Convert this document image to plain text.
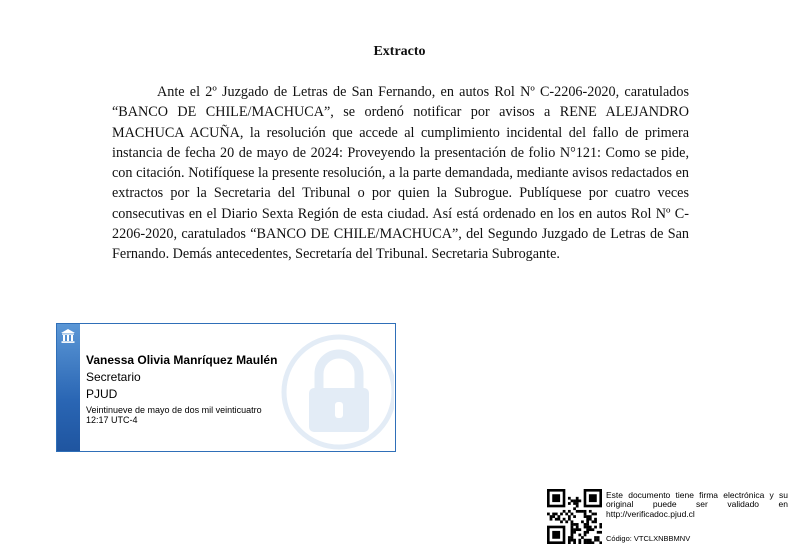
Extracto

Ante el 2º Juzgado de Letras de San Fernando, en autos Rol Nº C-2206-2020, caratulados “BANCO DE CHILE/MACHUCA”, se ordenó notificar por avisos a RENE ALEJANDRO MACHUCA ACUÑA, la resolución que accede al cumplimiento incidental del fallo de primera instancia de fecha 20 de mayo de 2024: Proveyendo la presentación de folio N°121: Como se pide, con citación. Notifíquese la presente resolución, a la parte demandada, mediante avisos redactados en extractos por la Secretaria del Tribunal o por quien la Subrogue. Publíquese por cuatro veces consecutivas en el Diario Sexta Región de esta ciudad. Así está ordenado en los en autos Rol Nº C-2206-2020, caratulados “BANCO DE CHILE/MACHUCA”, del Segundo Juzgado de Letras de San Fernando. Demás antecedentes, Secretaría del Tribunal. Secretaria Subrogante.

Vanessa Olivia Manríquez Maulén
Secretario
PJUD
Veintinueve de mayo de dos mil veinticuatro
12:17 UTC-4
Este documento tiene firma electrónica y su original puede ser validado en http://verificadoc.pjud.cl
Código: VTCLXNBBMNV
